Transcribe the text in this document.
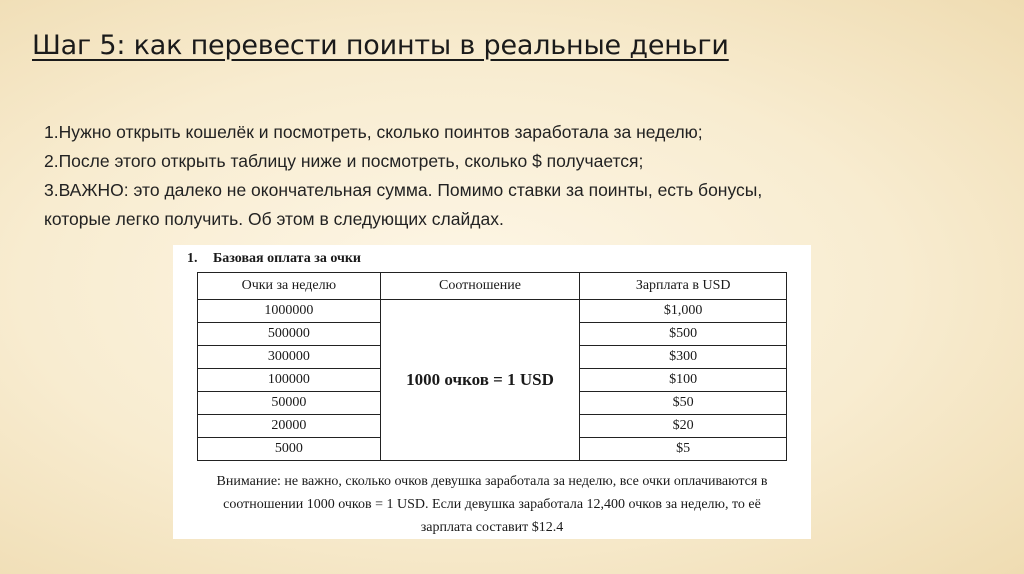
Шаг 5: как перевести поинты в реальные деньги
1.Нужно открыть кошелёк и посмотреть, сколько поинтов заработала за неделю;
2.После этого открыть таблицу ниже и посмотреть, сколько $ получается;
3.ВАЖНО: это далеко не окончательная сумма. Помимо ставки за поинты, есть бонусы,
которые легко получить. Об этом в следующих слайдах.
1. Базовая оплата за очки
Очки за неделю	Соотношение	Зарплата в USD
1000000	1000 очков = 1 USD	$1,000
500000		$500
300000		$300
100000		$100
50000		$50
20000		$20
5000		$5
Внимание: не важно, сколько очков девушка заработала за неделю, все очки оплачиваются в
соотношении 1000 очков = 1 USD. Если девушка заработала 12,400 очков за неделю, то её
зарплата составит $12.4
